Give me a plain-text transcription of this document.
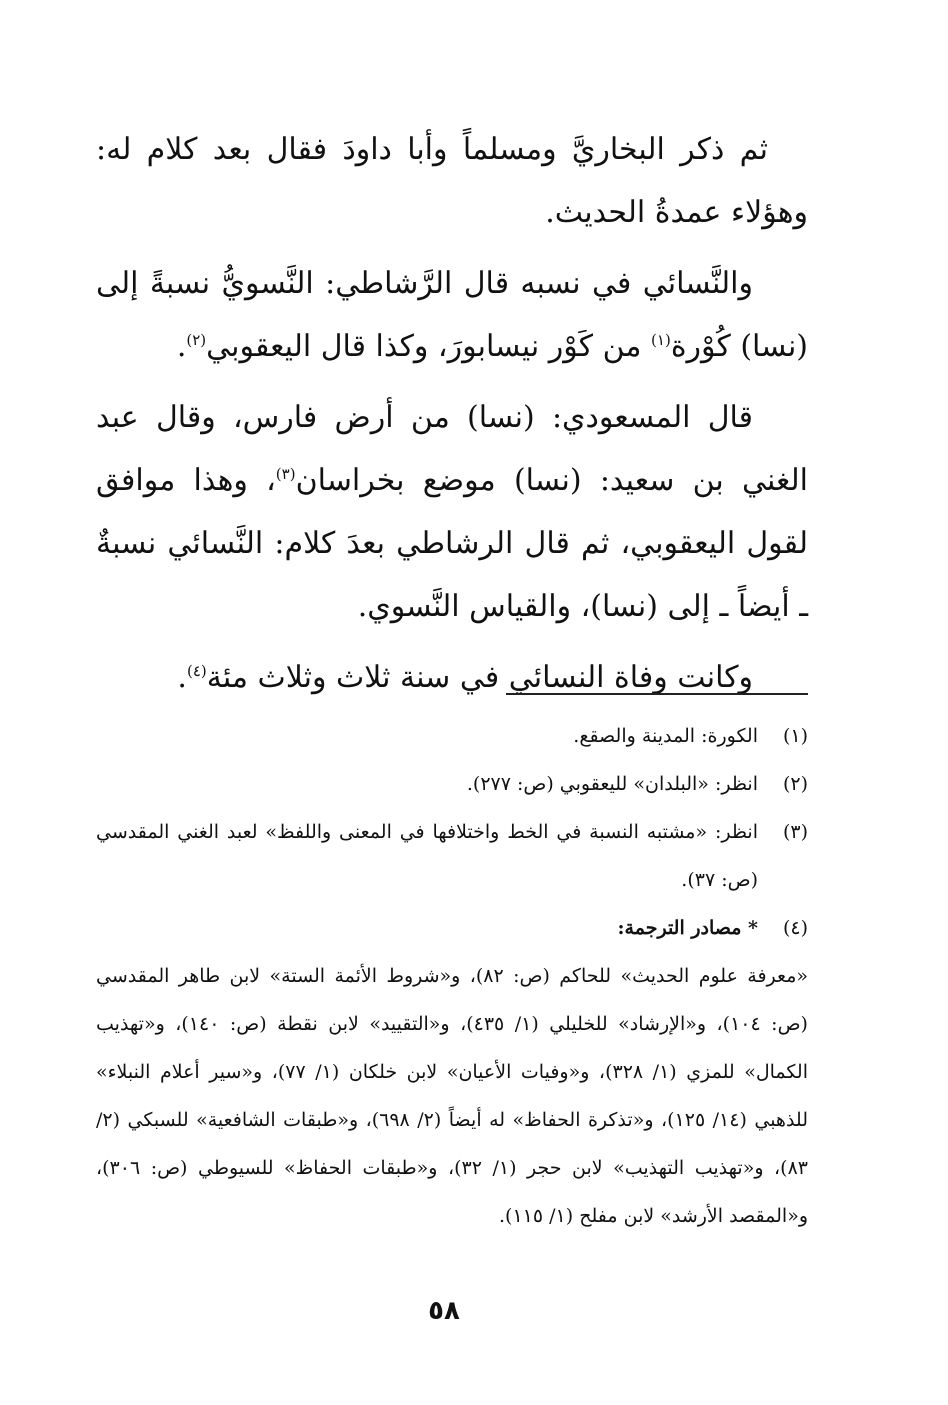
ثم ذكر البخاريَّ ومسلماً وأبا داودَ فقال بعد كلام له: وهؤلاء عمدةُ الحديث.

والنَّسائي في نسبه قال الرَّشاطي: النَّسويُّ نسبةً إلى (نسا) كُوْرة$^{(١)}$ من كَوْر نيسابورَ، وكذا قال اليعقوبي$^{(٢)}$.

قال المسعودي: (نسا) من أرض فارس، وقال عبد الغني بن سعيد: (نسا) موضع بخراسان$^{(٣)}$، وهذا موافق لقول اليعقوبي، ثم قال الرشاطي بعدَ كلام: النَّسائي نسبةٌ ـ أيضاً ـ إلى (نسا)، والقياس النَّسوي.

وكانت وفاة النسائي في سنة ثلاث وثلاث مئة$^{(٤)}$.

(١)
الكورة: المدينة والصقع.
(٢)
انظر: «البلدان» لليعقوبي (ص: ٢٧٧).
(٣)
انظر: «مشتبه النسبة في الخط واختلافها في المعنى واللفظ» لعبد الغني المقدسي (ص: ٣٧).
(٤)
* مصادر الترجمة:

«معرفة علوم الحديث» للحاكم (ص: ٨٢)، و«شروط الأئمة الستة» لابن طاهر المقدسي (ص: ١٠٤)، و«الإرشاد» للخليلي (١/ ٤٣٥)، و«التقييد» لابن نقطة (ص: ١٤٠)، و«تهذيب الكمال» للمزي (١/ ٣٢٨)، و«وفيات الأعيان» لابن خلكان (١/ ٧٧)، و«سير أعلام النبلاء» للذهبي (١٤/ ١٢٥)، و«تذكرة الحفاظ» له أيضاً (٢/ ٦٩٨)، و«طبقات الشافعية» للسبكي (٢/ ٨٣)، و«تهذيب التهذيب» لابن حجر (١/ ٣٢)، و«طبقات الحفاظ» للسيوطي (ص: ٣٠٦)، و«المقصد الأرشد» لابن مفلح (١/ ١١٥).

٥٨
